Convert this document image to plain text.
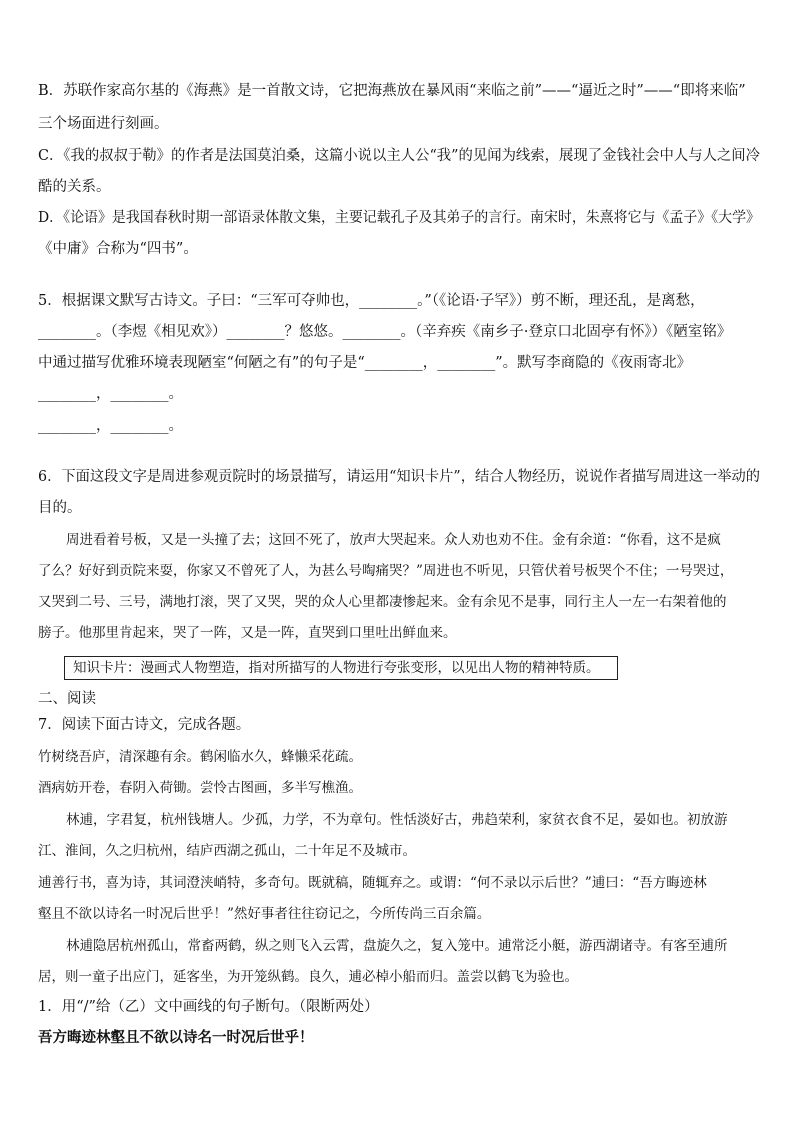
B．苏联作家高尔基的《海燕》是一首散文诗，它把海燕放在暴风雨“来临之前”——“逼近之时”——“即将来临”
三个场面进行刻画。
C．《我的叔叔于勒》的作者是法国莫泊桑，这篇小说以主人公“我”的见闻为线索，展现了金钱社会中人与人之间冷
酷的关系。
D．《论语》是我国春秋时期一部语录体散文集，主要记载孔子及其弟子的言行。南宋时，朱熹将它与《孟子》《大学》
《中庸》合称为“四书”。
5．根据课文默写古诗文。子曰：“三军可夺帅也，________。”（《论语·子罕》）剪不断，理还乱，是离愁，
________。（李煜《相见欢》）________？悠悠。________。（辛弃疾《南乡子·登京口北固亭有怀》）《陋室铭》
中通过描写优雅环境表现陋室“何陋之有”的句子是“________，________”。默写李商隐的《夜雨寄北》
________，________。
________，________。
6．下面这段文字是周进参观贡院时的场景描写，请运用“知识卡片”，结合人物经历，说说作者描写周进这一举动的
目的。
周进看着号板，又是一头撞了去；这回不死了，放声大哭起来。众人劝也劝不住。金有余道：“你看，这不是疯
了么？好好到贡院来耍，你家又不曾死了人，为甚么号啕痛哭？”周进也不听见，只管伏着号板哭个不住；一号哭过，
又哭到二号、三号，满地打滚，哭了又哭，哭的众人心里都凄惨起来。金有余见不是事，同行主人一左一右架着他的
膀子。他那里肯起来，哭了一阵，又是一阵，直哭到口里吐出鲜血来。
知识卡片：漫画式人物塑造，指对所描写的人物进行夸张变形，以见出人物的精神特质。
二、阅读
7．阅读下面古诗文，完成各题。
竹树绕吾庐，清深趣有余。鹤闲临水久，蜂懒采花疏。
酒病妨开卷，春阴入荷锄。尝怜古图画，多半写樵渔。
林逋，字君复，杭州钱塘人。少孤，力学，不为章句。性恬淡好古，弗趋荣利，家贫衣食不足，晏如也。初放游
江、淮间，久之归杭州，结庐西湖之孤山，二十年足不及城市。
逋善行书，喜为诗，其词澄浃峭特，多奇句。既就稿，随辄弃之。或谓：“何不录以示后世？”逋曰：“吾方晦迹林
壑且不欲以诗名一时况后世乎！”然好事者往往窃记之，今所传尚三百余篇。
林逋隐居杭州孤山，常畜两鹤，纵之则飞入云霄，盘旋久之，复入笼中。逋常泛小艇，游西湖诸寺。有客至逋所
居，则一童子出应门，延客坐，为开笼纵鹤。良久，逋必棹小船而归。盖尝以鹤飞为验也。
1．用“/”给（乙）文中画线的句子断句。（限断两处）
吾方晦迹林壑且不欲以诗名一时况后世乎！
